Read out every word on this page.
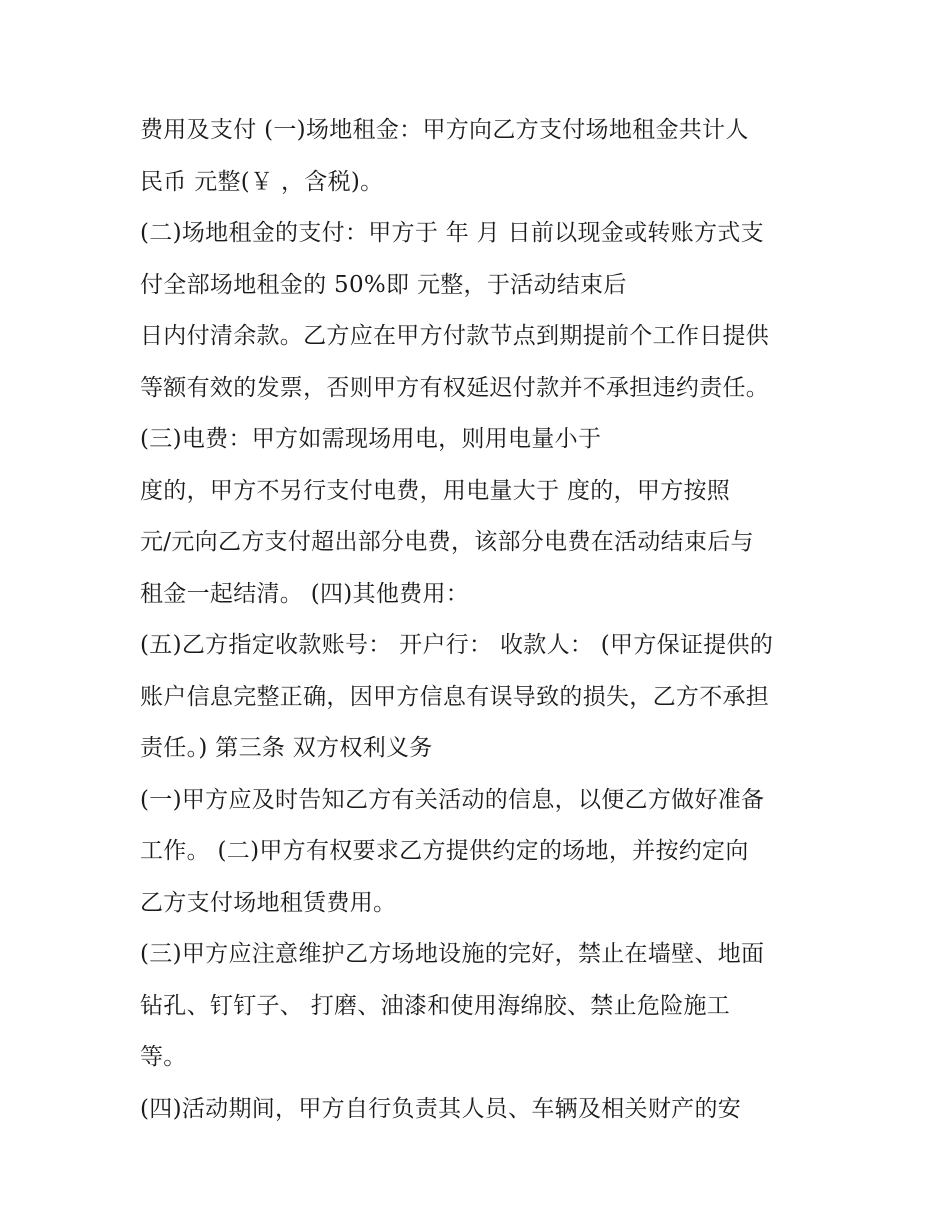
费用及支付 (一)场地租金：甲方向乙方支付场地租金共计人
民币 元整(￥ ，含税)。
(二)场地租金的支付：甲方于 年 月 日前以现金或转账方式支
付全部场地租金的 50%即 元整，于活动结束后
日内付清余款。乙方应在甲方付款节点到期提前个工作日提供
等额有效的发票，否则甲方有权延迟付款并不承担违约责任。
(三)电费：甲方如需现场用电，则用电量小于
度的，甲方不另行支付电费，用电量大于 度的，甲方按照
元/元向乙方支付超出部分电费，该部分电费在活动结束后与
租金一起结清。 (四)其他费用：
(五)乙方指定收款账号： 开户行： 收款人： (甲方保证提供的
账户信息完整正确，因甲方信息有误导致的损失，乙方不承担
责任。) 第三条 双方权利义务
(一)甲方应及时告知乙方有关活动的信息，以便乙方做好准备
工作。 (二)甲方有权要求乙方提供约定的场地，并按约定向
乙方支付场地租赁费用。
(三)甲方应注意维护乙方场地设施的完好，禁止在墙壁、地面
钻孔、钉钉子、 打磨、油漆和使用海绵胶、禁止危险施工
等。
(四)活动期间，甲方自行负责其人员、车辆及相关财产的安
